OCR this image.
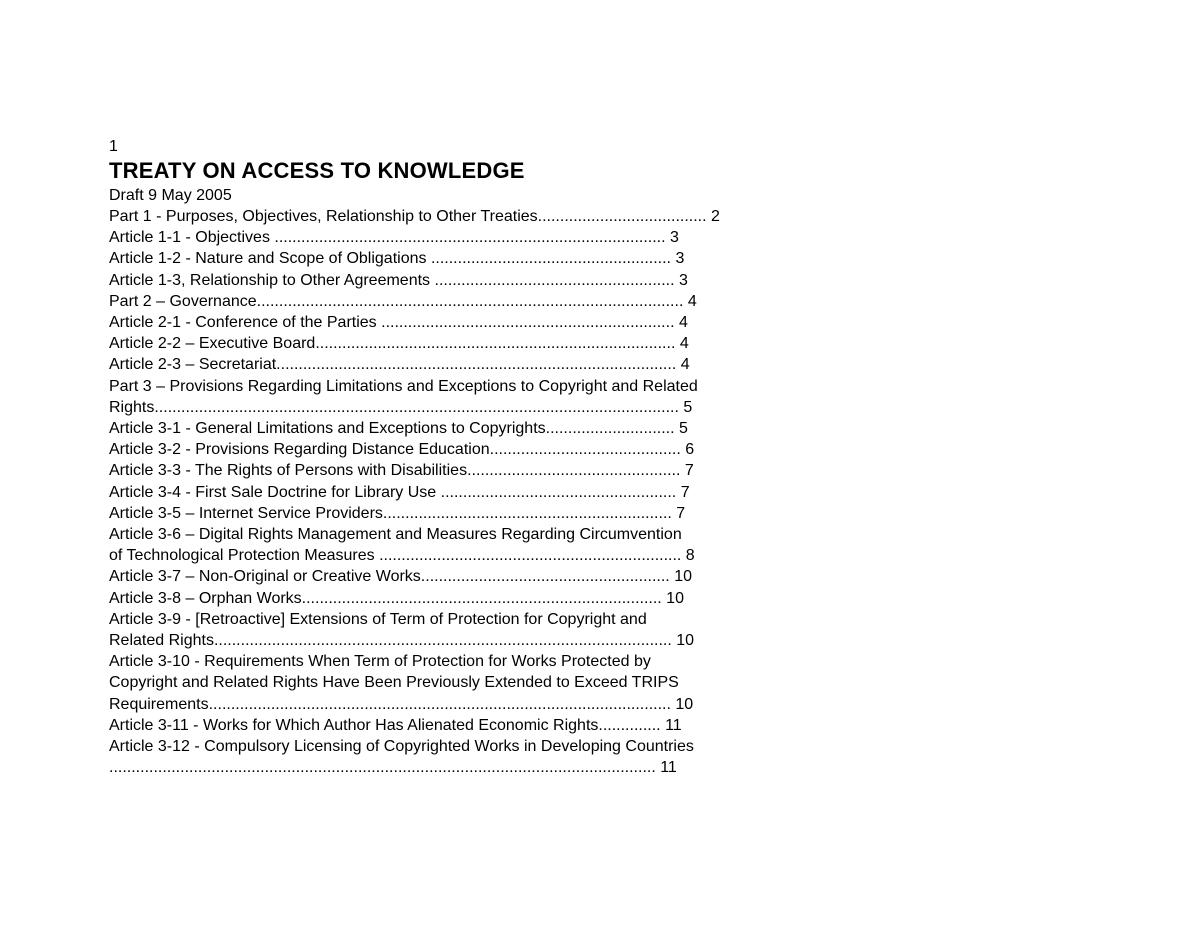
1
TREATY ON ACCESS TO KNOWLEDGE
Draft 9 May 2005
Part 1 - Purposes, Objectives, Relationship to Other Treaties...................................... 2
Article 1-1 - Objectives ........................................................................................ 3
Article 1-2 - Nature and Scope of Obligations ...................................................... 3
Article 1-3, Relationship to Other Agreements ...................................................... 3
Part 2 – Governance................................................................................................ 4
Article 2-1 - Conference of the Parties .................................................................. 4
Article 2-2 – Executive Board................................................................................. 4
Article 2-3 – Secretariat.......................................................................................... 4
Part 3 – Provisions Regarding Limitations and Exceptions to Copyright and Related
Rights...................................................................................................................... 5
Article 3-1 - General Limitations and Exceptions to Copyrights............................. 5
Article 3-2 - Provisions Regarding Distance Education........................................... 6
Article 3-3 - The Rights of Persons with Disabilities................................................ 7
Article 3-4 - First Sale Doctrine for Library Use ..................................................... 7
Article 3-5 – Internet Service Providers................................................................. 7
Article 3-6 – Digital Rights Management and Measures Regarding Circumvention
of Technological Protection Measures .................................................................... 8
Article 3-7 – Non-Original or Creative Works........................................................ 10
Article 3-8 – Orphan Works................................................................................. 10
Article 3-9 - [Retroactive] Extensions of Term of Protection for Copyright and
Related Rights....................................................................................................... 10
Article 3-10 - Requirements When Term of Protection for Works Protected by
Copyright and Related Rights Have Been Previously Extended to Exceed TRIPS
Requirements........................................................................................................ 10
Article 3-11 - Works for Which Author Has Alienated Economic Rights.............. 11
Article 3-12 - Compulsory Licensing of Copyrighted Works in Developing Countries
........................................................................................................................... 11
